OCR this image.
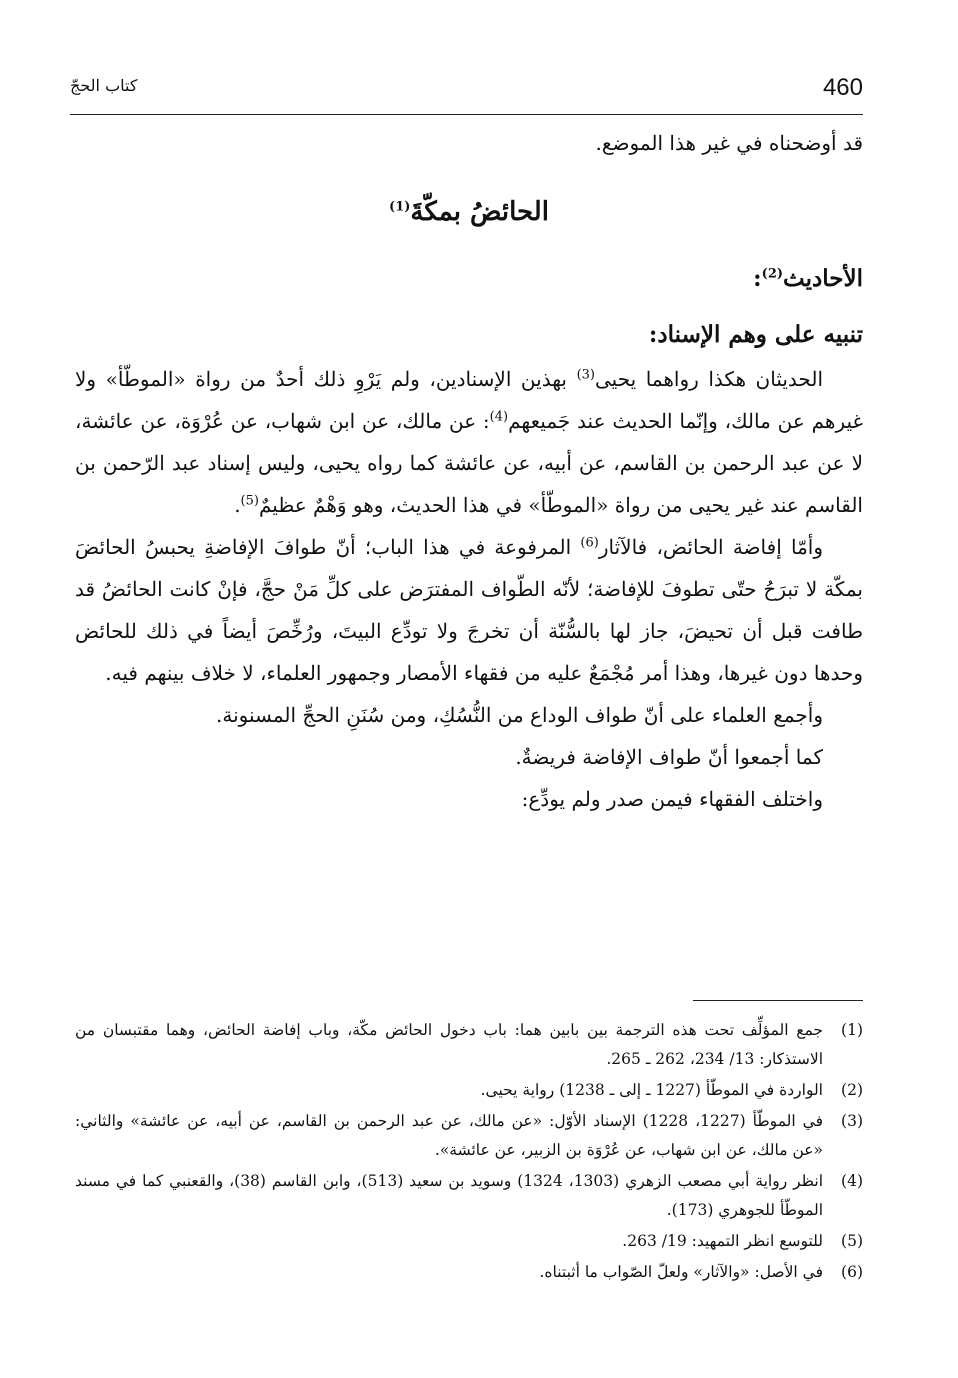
كتاب الحجّ	460

قد أوضحناه في غير هذا الموضع.

الحائضُ بمكّةَ$^{(1)}$

الأحاديث$^{(2)}$:

تنبيه على وهم الإسناد:

الحديثان هكذا رواهما يحيى$^{(3)}$ بهذين الإسنادين، ولم يَرْوِ ذلك أحدٌ من رواة «الموطّأ» ولا غيرهم عن مالك، وإنّما الحديث عند جَميعهم$^{(4)}$: عن مالك، عن ابن شهاب، عن عُرْوَة، عن عائشة، لا عن عبد الرحمن بن القاسم، عن أبيه، عن عائشة كما رواه يحيى، وليس إسناد عبد الرّحمن بن القاسم عند غير يحيى من رواة «الموطّأ» في هذا الحديث، وهو وَهْمٌ عظيمٌ$^{(5)}$.

وأمّا إفاضة الحائض، فالآثار$^{(6)}$ المرفوعة في هذا الباب؛ أنّ طوافَ الإفاضةِ يحبسُ الحائضَ بمكّة لا تبرَحُ حتّى تطوفَ للإفاضة؛ لأنّه الطّواف المفترَض على كلِّ مَنْ حجَّ، فإنْ كانت الحائضُ قد طافت قبل أن تحيضَ، جاز لها بالسُّنّة أن تخرجَ ولا تودِّع البيتَ، ورُخِّصَ أيضاً في ذلك للحائض وحدها دون غيرها، وهذا أمر مُجْمَعٌ عليه من فقهاء الأمصار وجمهور العلماء، لا خلاف بينهم فيه.

وأجمع العلماء على أنّ طواف الوداع من النُّسُكِ، ومن سُنَنِ الحجِّ المسنونة.

كما أجمعوا أنّ طواف الإفاضة فريضةٌ.

واختلف الفقهاء فيمن صدر ولم يودِّع:

(1)
جمع المؤلِّف تحت هذه الترجمة بين بابين هما: باب دخول الحائض مكّة، وباب إفاضة الحائض، وهما مقتبسان من الاستذكار: 13/ 234، 262 ـ 265.
(2)
الواردة في الموطّأ (1227 ـ إلى ـ 1238) رواية يحيى.
(3)
في الموطّأ (1227، 1228) الإسناد الأوّل: «عن مالك، عن عبد الرحمن بن القاسم، عن أبيه، عن عائشة» والثاني: «عن مالك، عن ابن شهاب، عن عُرْوَة بن الزبير، عن عائشة».
(4)
انظر رواية أبي مصعب الزهري (1303، 1324) وسويد بن سعيد (513)، وابن القاسم (38)، والقعنبي كما في مسند الموطّأ للجوهري (173).
(5)
للتوسع انظر التمهيد: 19/ 263.
(6)
في الأصل: «والآثار» ولعلّ الصّواب ما أثبتناه.
